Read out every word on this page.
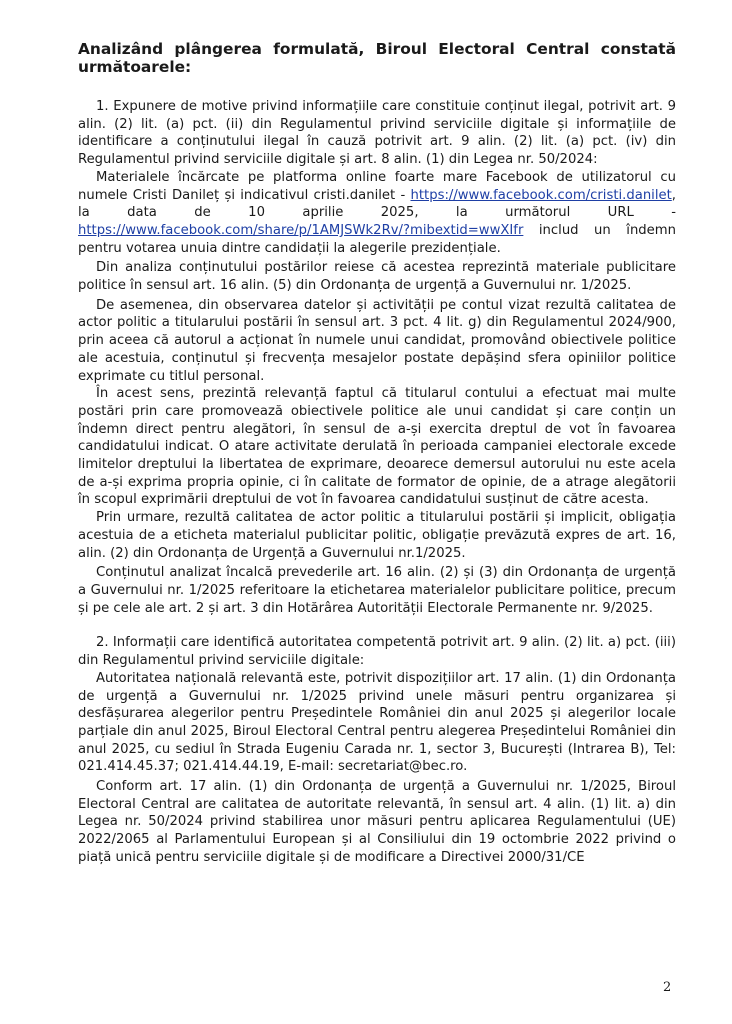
Analizând plângerea formulată, Biroul Electoral Central constată următoarele:

1. Expunere de motive privind informațiile care constituie conținut ilegal, potrivit art. 9 alin. (2) lit. (a) pct. (ii) din Regulamentul privind serviciile digitale și informațiile de identificare a conținutului ilegal în cauză potrivit art. 9 alin. (2) lit. (a) pct. (iv) din Regulamentul privind serviciile digitale și art. 8 alin. (1) din Legea nr. 50/2024:

Materialele încărcate pe platforma online foarte mare Facebook de utilizatorul cu numele Cristi Danileț și indicativul cristi.danilet - https://www.facebook.com/cristi.danilet, la data de 10 aprilie 2025, la următorul URL - https://www.facebook.com/share/p/1AMJSWk2Rv/?mibextid=wwXIfr includ un îndemn pentru votarea unuia dintre candidații la alegerile prezidențiale.

Din analiza conținutului postărilor reiese că acestea reprezintă materiale publicitare politice în sensul art. 16 alin. (5) din Ordonanța de urgență a Guvernului nr. 1/2025.

De asemenea, din observarea datelor și activității pe contul vizat rezultă calitatea de actor politic a titularului postării în sensul art. 3 pct. 4 lit. g) din Regulamentul 2024/900, prin aceea că autorul a acționat în numele unui candidat, promovând obiectivele politice ale acestuia, conținutul și frecvența mesajelor postate depășind sfera opiniilor politice exprimate cu titlul personal.

În acest sens, prezintă relevanță faptul că titularul contului a efectuat mai multe postări prin care promovează obiectivele politice ale unui candidat și care conțin un îndemn direct pentru alegători, în sensul de a-și exercita dreptul de vot în favoarea candidatului indicat. O atare activitate derulată în perioada campaniei electorale excede limitelor dreptului la libertatea de exprimare, deoarece demersul autorului nu este acela de a-și exprima propria opinie, ci în calitate de formator de opinie, de a atrage alegătorii în scopul exprimării dreptului de vot în favoarea candidatului susținut de către acesta.

Prin urmare, rezultă calitatea de actor politic a titularului postării și implicit, obligația acestuia de a eticheta materialul publicitar politic, obligație prevăzută expres de art. 16, alin. (2) din Ordonanța de Urgență a Guvernului nr.1/2025.

Conținutul analizat încalcă prevederile art. 16 alin. (2) și (3) din Ordonanța de urgență a Guvernului nr. 1/2025 referitoare la etichetarea materialelor publicitare politice, precum și pe cele ale art. 2 și art. 3 din Hotărârea Autorității Electorale Permanente nr. 9/2025.

2. Informații care identifică autoritatea competentă potrivit art. 9 alin. (2) lit. a) pct. (iii) din Regulamentul privind serviciile digitale:

Autoritatea națională relevantă este, potrivit dispozițiilor art. 17 alin. (1) din Ordonanța de urgență a Guvernului nr. 1/2025 privind unele măsuri pentru organizarea și desfășurarea alegerilor pentru Președintele României din anul 2025 și alegerilor locale parțiale din anul 2025, Biroul Electoral Central pentru alegerea Președintelui României din anul 2025, cu sediul în Strada Eugeniu Carada nr. 1, sector 3, București (Intrarea B), Tel: 021.414.45.37; 021.414.44.19, E-mail: secretariat@bec.ro.

Conform art. 17 alin. (1) din Ordonanța de urgență a Guvernului nr. 1/2025, Biroul Electoral Central are calitatea de autoritate relevantă, în sensul art. 4 alin. (1) lit. a) din Legea nr. 50/2024 privind stabilirea unor măsuri pentru aplicarea Regulamentului (UE) 2022/2065 al Parlamentului European și al Consiliului din 19 octombrie 2022 privind o piață unică pentru serviciile digitale și de modificare a Directivei 2000/31/CE

2
